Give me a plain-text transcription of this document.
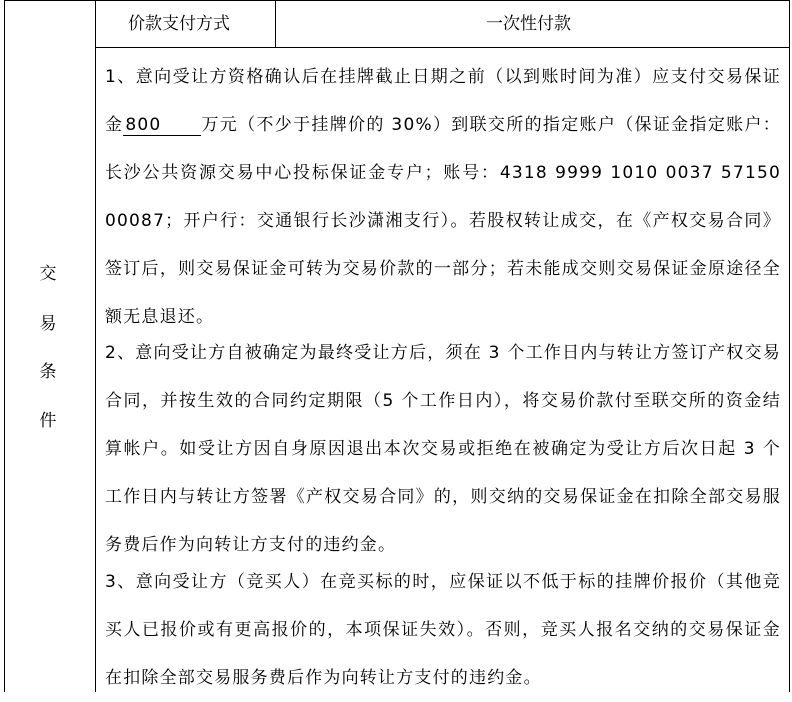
价款支付方式	一次性付款
交
易
条
件

1、意向受让方资格确认后在挂牌截止日期之前（以到账时间为准）应支付交易保证金 800 万元（不少于挂牌价的 30%）到联交所的指定账户（保证金指定账户：长沙公共资源交易中心投标保证金专户；账号：4318 9999 1010 0037 57150 00087；开户行：交通银行长沙潇湘支行）。若股权转让成交，在《产权交易合同》签订后，则交易保证金可转为交易价款的一部分；若未能成交则交易保证金原途径全额无息退还。

2、意向受让方自被确定为最终受让方后，须在 3 个工作日内与转让方签订产权交易合同，并按生效的合同约定期限（5 个工作日内），将交易价款付至联交所的资金结算帐户。如受让方因自身原因退出本次交易或拒绝在被确定为受让方后次日起 3 个工作日内与转让方签署《产权交易合同》的，则交纳的交易保证金在扣除全部交易服务费后作为向转让方支付的违约金。

3、意向受让方（竞买人）在竞买标的时，应保证以不低于标的挂牌价报价（其他竞买人已报价或有更高报价的，本项保证失效）。否则，竞买人报名交纳的交易保证金在扣除全部交易服务费后作为向转让方支付的违约金。
